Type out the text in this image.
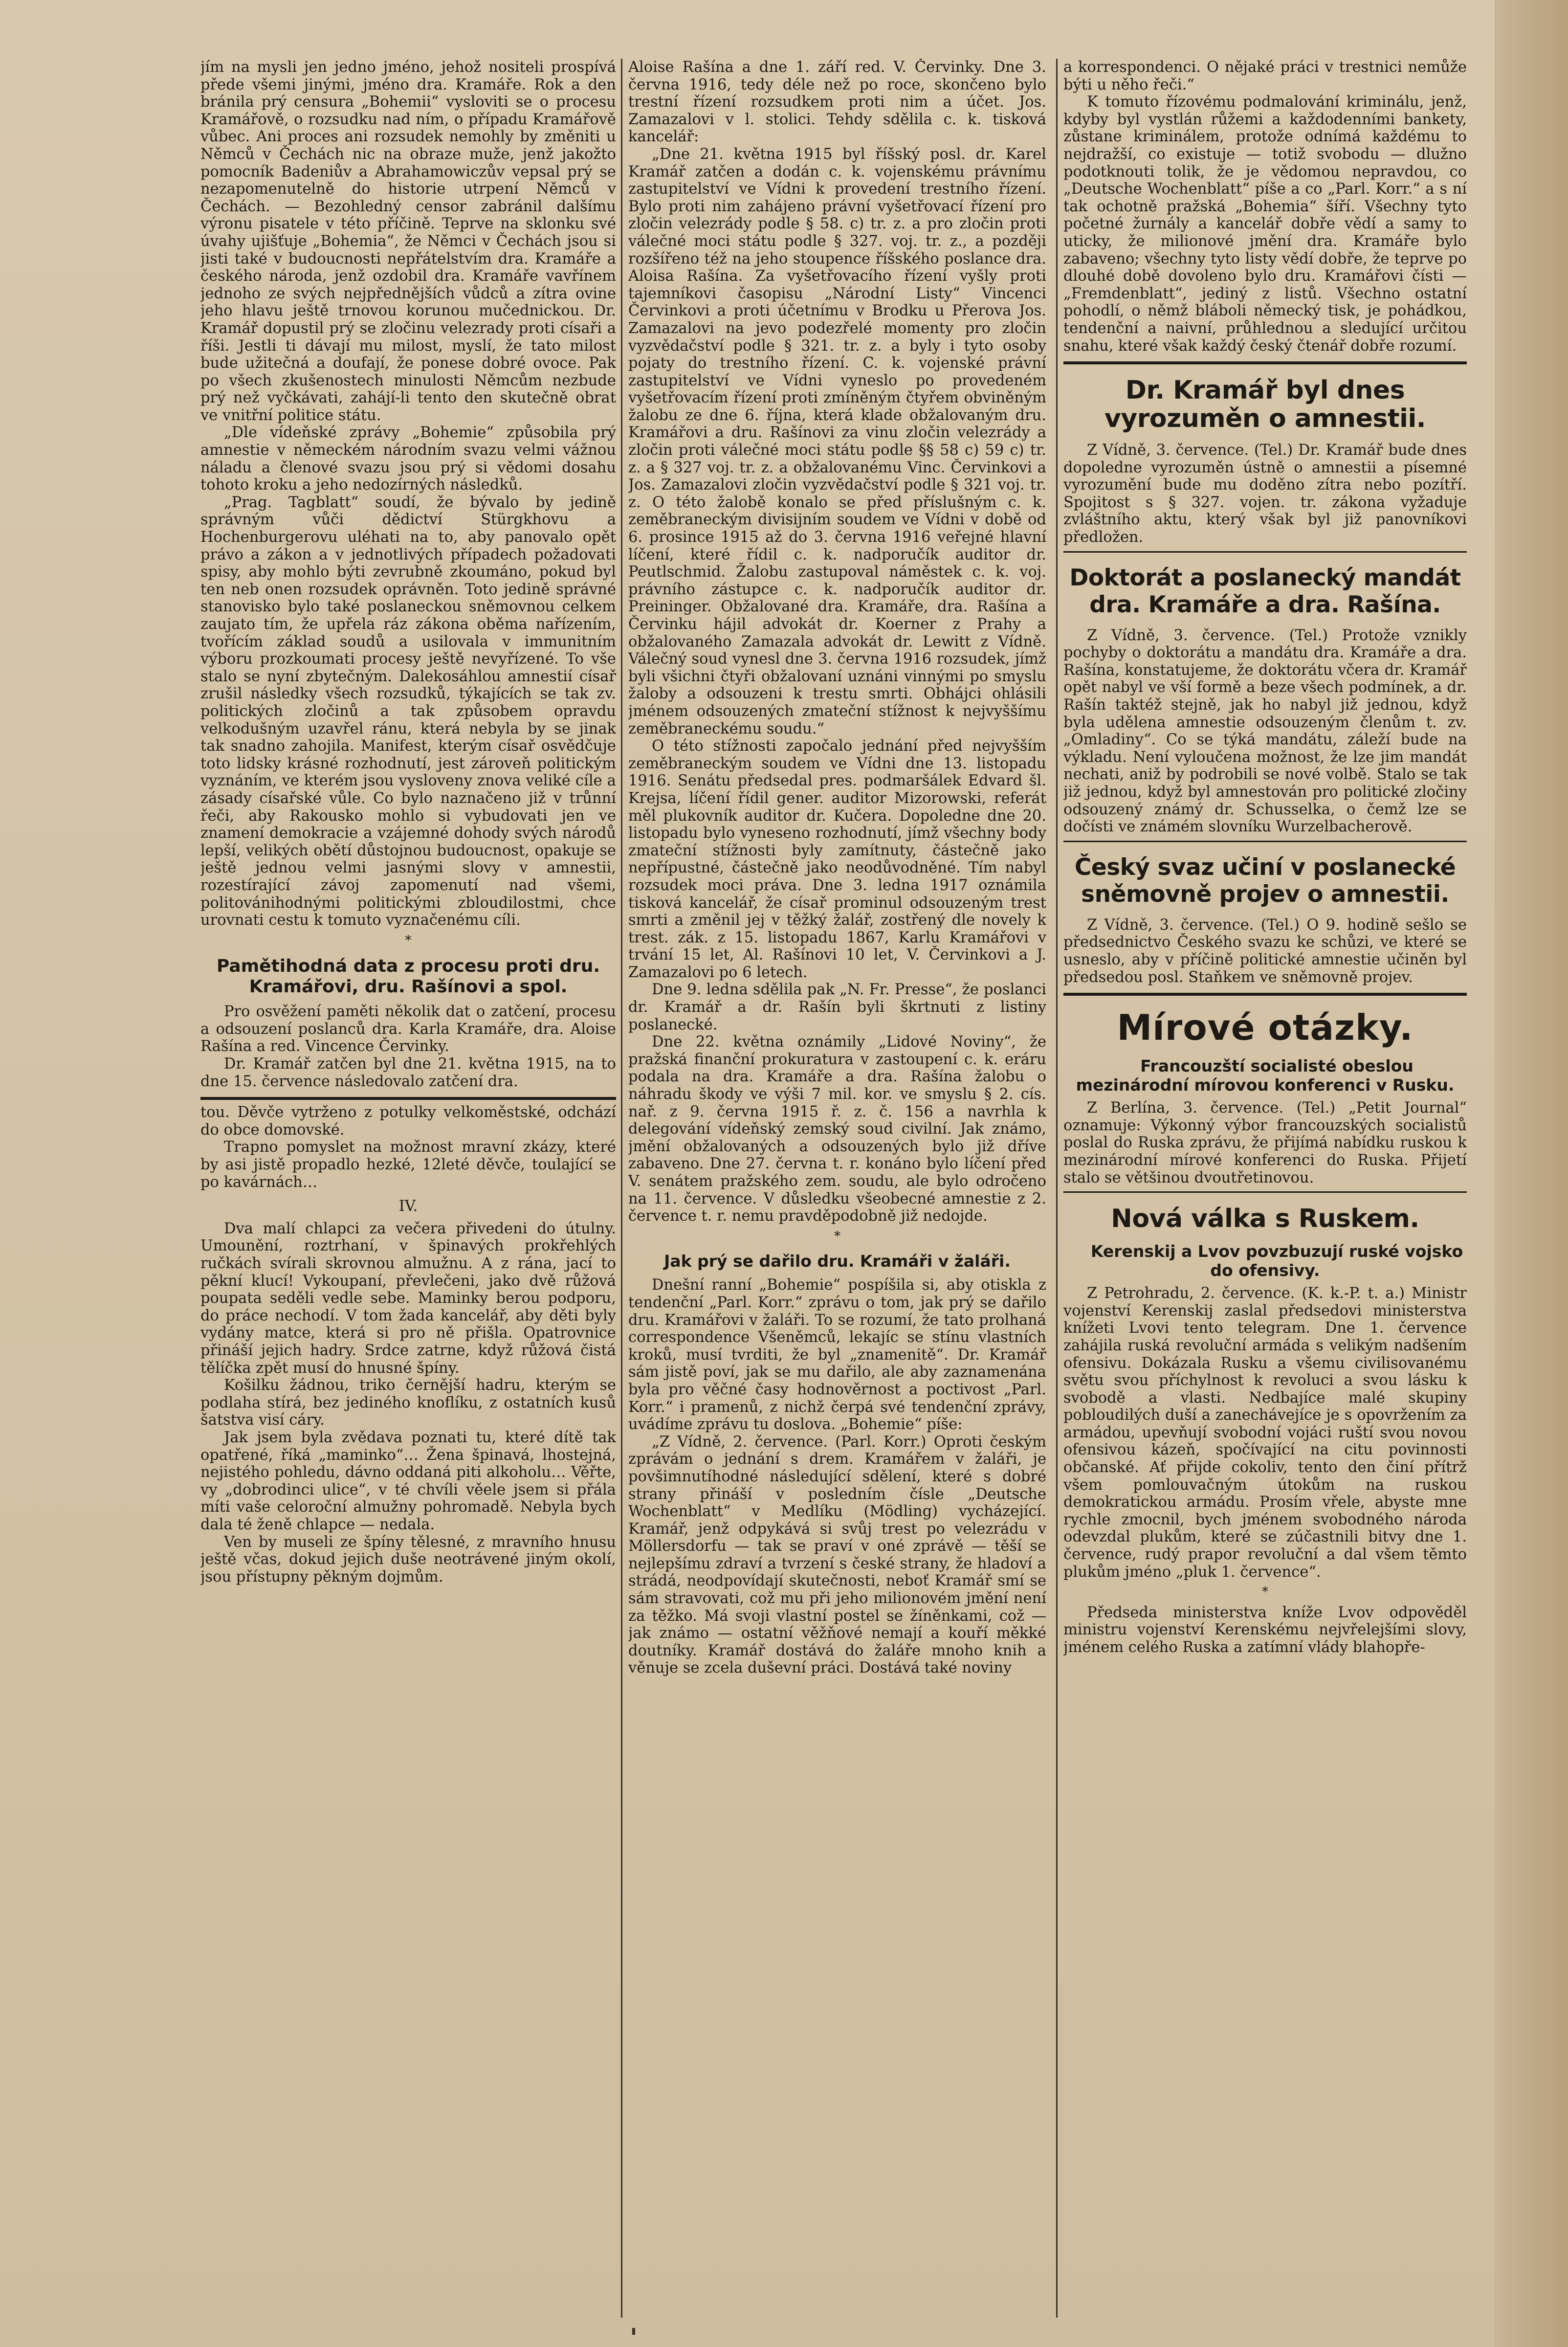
jím na mysli jen jedno jméno, jehož nositeli prospívá přede všemi jinými, jméno dra. Kramáře. Rok a den bránila prý censura „Bohemii“ vysloviti se o procesu Kramářově, o rozsudku nad ním, o případu Kramářově vůbec. Ani proces ani rozsudek nemohly by změniti u Němců v Čechách nic na obraze muže, jenž jakožto pomocník Badeniův a Abrahamowiczův vepsal prý se nezapomenutelně do historie utrpení Němců v Čechách. — Bezohledný censor zabránil dalšímu výronu pisatele v této příčině. Teprve na sklonku své úvahy ujišťuje „Bohemia“, že Němci v Čechách jsou si jisti také v budoucnosti nepřátelstvím dra. Kramáře a českého národa, jenž ozdobil dra. Kramáře vavřínem jednoho ze svých nejpřednějších vůdců a zítra ovine jeho hlavu ještě trnovou korunou mučednickou. Dr. Kramář dopustil prý se zločinu velezrady proti císaři a říši. Jestli ti dávají mu milost, myslí, že tato milost bude užitečná a doufají, že ponese dobré ovoce. Pak po všech zkušenostech minulosti Němcům nezbude prý než vyčkávati, zahájí-li tento den skutečně obrat ve vnitřní politice státu.

„Dle vídeňské zprávy „Bohemie“ způsobila prý amnestie v německém národním svazu velmi vážnou náladu a členové svazu jsou prý si vědomi dosahu tohoto kroku a jeho nedozírných následků.

„Prag. Tagblatt“ soudí, že bývalo by jedině správným vůči dědictví Stürgkhovu a Hochenburgerovu uléhati na to, aby panovalo opět právo a zákon a v jednotlivých případech požadovati spisy, aby mohlo býti zevrubně zkoumáno, pokud byl ten neb onen rozsudek oprávněn. Toto jedině správné stanovisko bylo také poslaneckou sněmovnou celkem zaujato tím, že upřela ráz zákona oběma nařízením, tvořícím základ soudů a usilovala v immunitním výboru prozkoumati procesy ještě nevyřízené. To vše stalo se nyní zbytečným. Dalekosáhlou amnestií císař zrušil následky všech rozsudků, týkajících se tak zv. politických zločinů a tak způsobem opravdu velkodušným uzavřel ránu, která nebyla by se jinak tak snadno zahojila. Manifest, kterým císař osvědčuje toto lidsky krásné rozhodnutí, jest zároveň politickým vyznáním, ve kterém jsou vysloveny znova veliké cíle a zásady císařské vůle. Co bylo naznačeno již v trůnní řeči, aby Rakousko mohlo si vybudovati jen ve znamení demokracie a vzájemné dohody svých národů lepší, velikých obětí důstojnou budoucnost, opakuje se ještě jednou velmi jasnými slovy v amnestii, rozestírající závoj zapomenutí nad všemi, politovánihodnými politickými zbloudilostmi, chce urovnati cestu k tomuto vyznačenému cíli.

*

Pamětihodná data z procesu proti dru. Kramářovi, dru. Rašínovi a spol.

Pro osvěžení paměti několik dat o zatčení, procesu a odsouzení poslanců dra. Karla Kramáře, dra. Aloise Rašína a red. Vincence Červinky.

Dr. Kramář zatčen byl dne 21. května 1915, na to dne 15. července následovalo zatčení dra.

tou. Děvče vytrženo z potulky velkoměstské, odchází do obce domovské.

Trapno pomyslet na možnost mravní zkázy, které by asi jistě propadlo hezké, 12leté děvče, toulající se po kavárnách…

IV.

Dva malí chlapci za večera přivedeni do útulny. Umounění, roztrhaní, v špinavých prokřehlých ručkách svírali skrovnou almužnu. A z rána, jací to pěkní klucí! Vykoupaní, převlečeni, jako dvě růžová poupata seděli vedle sebe. Maminky berou podporu, do práce nechodí. V tom žada kancelář, aby děti byly vydány matce, která si pro ně přišla. Opatrovnice přináší jejich hadry. Srdce zatrne, když růžová čistá tělíčka zpět musí do hnusné špíny.

Košilku žádnou, triko černější hadru, kterým se podlaha stírá, bez jediného knoflíku, z ostatních kusů šatstva visí cáry.

Jak jsem byla zvědava poznati tu, které dítě tak opatřené, říká „maminko“… Žena špinavá, lhostejná, nejistého pohledu, dávno oddaná piti alkoholu… Věřte, vy „dobrodinci ulice“, v té chvíli věele jsem si přála míti vaše celoroční almužny pohromadě. Nebyla bych dala té ženě chlapce — nedala.

Ven by museli ze špíny tělesné, z mravního hnusu ještě včas, dokud jejich duše neotrávené jiným okolí, jsou přístupny pěkným dojmům.

Aloise Rašína a dne 1. září red. V. Červinky. Dne 3. června 1916, tedy déle než po roce, skončeno bylo trestní řízení rozsudkem proti nim a účet. Jos. Zamazalovi v l. stolici. Tehdy sdělila c. k. tisková kancelář:

„Dne 21. května 1915 byl říšský posl. dr. Karel Kramář zatčen a dodán c. k. vojenskému právnímu zastupitelství ve Vídni k provedení trestního řízení. Bylo proti nim zahájeno právní vyšetřovací řízení pro zločin velezrády podle § 58. c) tr. z. a pro zločin proti válečné moci státu podle § 327. voj. tr. z., a později rozšířeno též na jeho stoupence říšského poslance dra. Aloisa Rašína. Za vyšetřovacího řízení vyšly proti tajemníkovi časopisu „Národní Listy“ Vincenci Červinkovi a proti účetnímu v Brodku u Přerova Jos. Zamazalovi na jevo podezřelé momenty pro zločin vyzvědačství podle § 321. tr. z. a byly i tyto osoby pojaty do trestního řízení. C. k. vojenské právní zastupitelství ve Vídni vyneslo po provedeném vyšetřovacím řízení proti zmíněným čtyřem obviněným žalobu ze dne 6. října, která klade obžalovaným dru. Kramářovi a dru. Rašínovi za vinu zločin velezrády a zločin proti válečné moci státu podle §§ 58 c) 59 c) tr. z. a § 327 voj. tr. z. a obžalovanému Vinc. Červinkovi a Jos. Zamazalovi zločin vyzvědačství podle § 321 voj. tr. z. O této žalobě konalo se před příslušným c. k. zeměbraneckým divisijním soudem ve Vídni v době od 6. prosince 1915 až do 3. června 1916 veřejné hlavní líčení, které řídil c. k. nadporučík auditor dr. Peutlschmid. Žalobu zastupoval náměstek c. k. voj. právního zástupce c. k. nadporučík auditor dr. Preininger. Obžalované dra. Kramáře, dra. Rašína a Červinku hájil advokát dr. Koerner z Prahy a obžalovaného Zamazala advokát dr. Lewitt z Vídně. Válečný soud vynesl dne 3. června 1916 rozsudek, jímž byli všichni čtyři obžalovaní uznáni vinnými po smyslu žaloby a odsouzeni k trestu smrti. Obhájci ohlásili jménem odsouzených zmateční stížnost k nejvyššímu zeměbraneckému soudu.“

O této stížnosti započalo jednání před nejvyšším zeměbraneckým soudem ve Vídni dne 13. listopadu 1916. Senátu předsedal pres. podmaršálek Edvard šl. Krejsa, líčení řídil gener. auditor Mizorowski, referát měl plukovník auditor dr. Kučera. Dopoledne dne 20. listopadu bylo vyneseno rozhodnutí, jímž všechny body zmateční stížnosti byly zamítnuty, částečně jako nepřípustné, částečně jako neodůvodněné. Tím nabyl rozsudek moci práva. Dne 3. ledna 1917 oznámila tisková kancelář, že císař prominul odsouzeným trest smrti a změnil jej v těžký žalář, zostřený dle novely k trest. zák. z 15. listopadu 1867, Karlu Kramářovi v trvání 15 let, Al. Rašínovi 10 let, V. Červinkovi a J. Zamazalovi po 6 letech.

Dne 9. ledna sdělila pak „N. Fr. Presse“, že poslanci dr. Kramář a dr. Rašín byli škrtnuti z listiny poslanecké.

Dne 22. května oznámily „Lidové Noviny“, že pražská finanční prokuratura v zastoupení c. k. eráru podala na dra. Kramáře a dra. Rašína žalobu o náhradu škody ve výši 7 mil. kor. ve smyslu § 2. cís. nař. z 9. června 1915 ř. z. č. 156 a navrhla k delegování vídeňský zemský soud civilní. Jak známo, jmění obžalovaných a odsouzených bylo již dříve zabaveno. Dne 27. června t. r. konáno bylo líčení před V. senátem pražského zem. soudu, ale bylo odročeno na 11. července. V důsledku všeobecné amnestie z 2. července t. r. nemu pravděpodobně již nedojde.

*

Jak prý se dařilo dru. Kramáři v žaláři.

Dnešní ranní „Bohemie“ pospíšila si, aby otiskla z tendenční „Parl. Korr.“ zprávu o tom, jak prý se dařilo dru. Kramářovi v žaláři. To se rozumí, že tato prolhaná correspondence Všeněmců, lekajíc se stínu vlastních kroků, musí tvrditi, že byl „znamenitě“. Dr. Kramář sám jistě poví, jak se mu dařilo, ale aby zaznamenána byla pro věčné časy hodnověrnost a poctivost „Parl. Korr.“ i pramenů, z nichž čerpá své tendenční zprávy, uvádíme zprávu tu doslova. „Bohemie“ píše:

„Z Vídně, 2. července. (Parl. Korr.) Oproti českým zprávám o jednání s drem. Kramářem v žaláři, je povšimnutíhodné následující sdělení, které s dobré strany přináší v posledním čísle „Deutsche Wochenblatt“ v Medlíku (Mödling) vycházející. Kramář, jenž odpykává si svůj trest po velezrádu v Möllersdorfu — tak se praví v oné zprávě — těší se nejlepšímu zdraví a tvrzení s české strany, že hladoví a strádá, neodpovídají skutečnosti, neboť Kramář smí se sám stravovati, což mu při jeho milionovém jmění není za těžko. Má svoji vlastní postel se žíněnkami, což — jak známo — ostatní věžňové nemají a kouří měkké doutníky. Kramář dostává do žaláře mnoho knih a věnuje se zcela duševní práci. Dostává také noviny

a korrespondenci. O nějaké práci v trestnici nemůže býti u něho řeči.“

K tomuto řízovému podmalování kriminálu, jenž, kdyby byl vystlán růžemi a každodenními bankety, zůstane kriminálem, protože odnímá každému to nejdražší, co existuje — totiž svobodu — dlužno podotknouti tolik, že je vědomou nepravdou, co „Deutsche Wochenblatt“ píše a co „Parl. Korr.“ a s ní tak ochotně pražská „Bohemia“ šíří. Všechny tyto početné žurnály a kancelář dobře vědí a samy to uticky, že milionové jmění dra. Kramáře bylo zabaveno; všechny tyto listy vědí dobře, že teprve po dlouhé době dovoleno bylo dru. Kramářovi čísti — „Fremdenblatt“, jediný z listů. Všechno ostatní pohodlí, o němž bláboli německý tisk, je pohádkou, tendenční a naivní, průhlednou a sledující určitou snahu, které však každý český čtenář dobře rozumí.

Dr. Kramář byl dnes vyrozuměn o amnestii.

Z Vídně, 3. července. (Tel.) Dr. Kramář bude dnes dopoledne vyrozuměn ústně o amnestii a písemné vyrozumění bude mu doděno zítra nebo pozítří. Spojitost s § 327. vojen. tr. zákona vyžaduje zvláštního aktu, který však byl již panovníkovi předložen.

Doktorát a poslanecký mandát dra. Kramáře a dra. Rašína.

Z Vídně, 3. července. (Tel.) Protože vznikly pochyby o doktorátu a mandátu dra. Kramáře a dra. Rašína, konstatujeme, že doktorátu včera dr. Kramář opět nabyl ve vší formě a beze všech podmínek, a dr. Rašín taktéž stejně, jak ho nabyl již jednou, když byla udělena amnestie odsouzeným členům t. zv. „Omladiny“. Co se týká mandátu, záleží bude na výkladu. Není vyloučena možnost, že lze jim mandát nechati, aniž by podrobili se nové volbě. Stalo se tak již jednou, když byl amnestován pro politické zločiny odsouzený známý dr. Schusselka, o čemž lze se dočísti ve známém slovníku Wurzelbacherově.

Český svaz učiní v poslanecké sněmovně projev o amnestii.

Z Vídně, 3. července. (Tel.) O 9. hodině sešlo se předsednictvo Českého svazu ke schůzi, ve které se usneslo, aby v příčině politické amnestie učiněn byl předsedou posl. Staňkem ve sněmovně projev.

Mírové otázky.

Francouzští socialisté obeslou mezinárodní mírovou konferenci v Rusku.

Z Berlína, 3. července. (Tel.) „Petit Journal“ oznamuje: Výkonný výbor francouzských socialistů poslal do Ruska zprávu, že přijímá nabídku ruskou k mezinárodní mírové konferenci do Ruska. Přijetí stalo se většinou dvoutřetinovou.

Nová válka s Ruskem.

Kerenskij a Lvov povzbuzují ruské vojsko do ofensivy.

Z Petrohradu, 2. července. (K. k.-P. t. a.) Ministr vojenství Kerenskij zaslal předsedovi ministerstva knížeti Lvovi tento telegram. Dne 1. července zahájila ruská revoluční armáda s velikým nadšením ofensivu. Dokázala Rusku a všemu civilisovanému světu svou příchylnost k revoluci a svou lásku k svobodě a vlasti. Nedbajíce malé skupiny pobloudilých duší a zanechávejíce je s opovržením za armádou, upevňují svobodní vojáci ruští svou novou ofensivou kázeň, spočívající na citu povinnosti občanské. Ať přijde cokoliv, tento den činí přítrž všem pomlouvačným útokům na ruskou demokratickou armádu. Prosím vřele, abyste mne rychle zmocnil, bych jménem svobodného národa odevzdal plukům, které se zúčastnili bitvy dne 1. července, rudý prapor revoluční a dal všem těmto plukům jméno „pluk 1. července“.

*

Předseda ministerstva kníže Lvov odpověděl ministru vojenství Kerenskému nejvřelejšími slovy, jménem celého Ruska a zatímní vlády blahopře-
